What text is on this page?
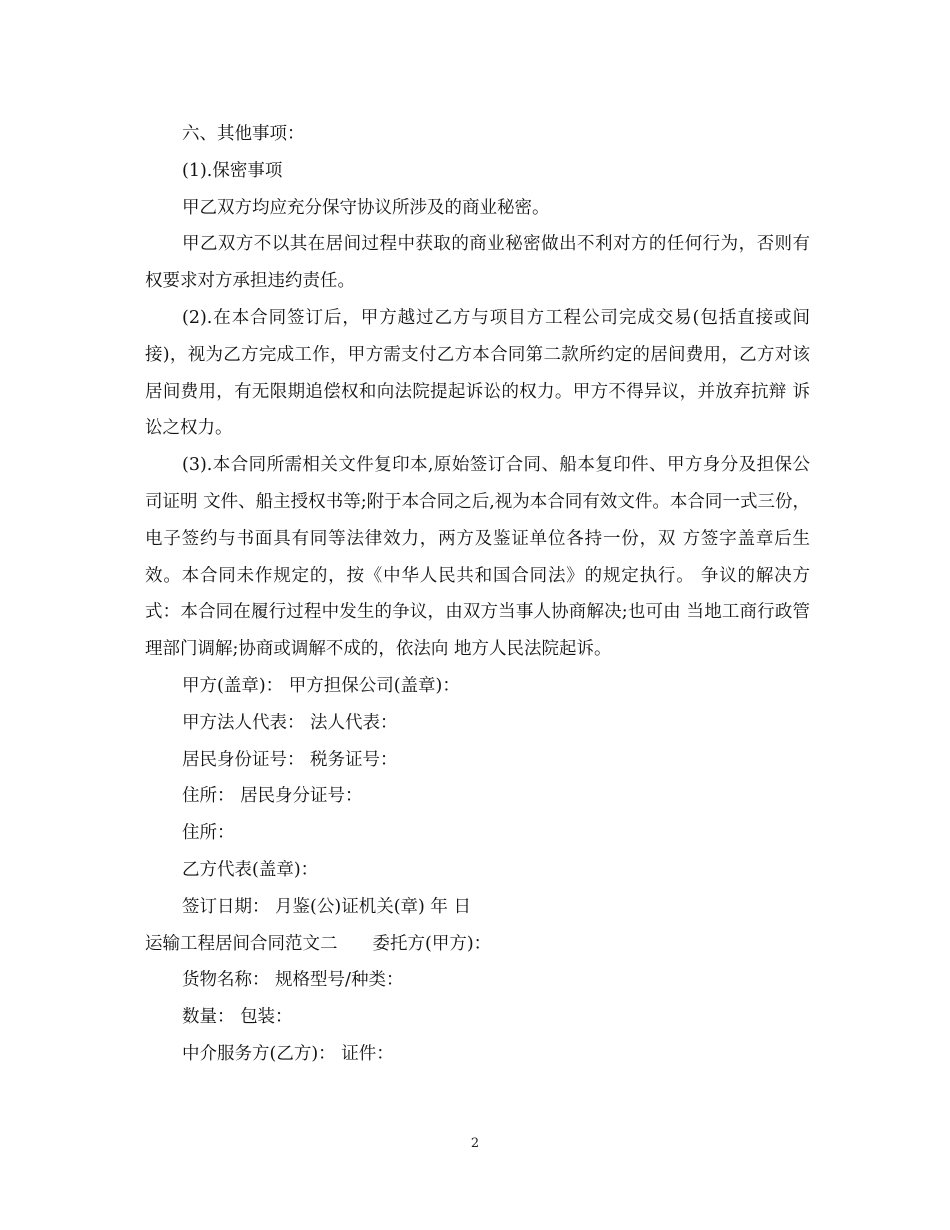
六、其他事项：

(1).保密事项

甲乙双方均应充分保守协议所涉及的商业秘密。

甲乙双方不以其在居间过程中获取的商业秘密做出不利对方的任何行为，否则有权要求对方承担违约责任。

(2).在本合同签订后，甲方越过乙方与项目方工程公司完成交易(包括直接或间接)，视为乙方完成工作，甲方需支付乙方本合同第二款所约定的居间费用，乙方对该居间费用，有无限期追偿权和向法院提起诉讼的权力。甲方不得异议，并放弃抗辩 诉讼之权力。

(3).本合同所需相关文件复印本,原始签订合同、船本复印件、甲方身分及担保公司证明 文件、船主授权书等;附于本合同之后,视为本合同有效文件。本合同一式三份，电子签约与书面具有同等法律效力，两方及鉴证单位各持一份，双 方签字盖章后生效。本合同未作规定的，按《中华人民共和国合同法》的规定执行。 争议的解决方式：本合同在履行过程中发生的争议，由双方当事人协商解决;也可由 当地工商行政管理部门调解;协商或调解不成的，依法向 地方人民法院起诉。

甲方(盖章)： 甲方担保公司(盖章)：

甲方法人代表： 法人代表：

居民身份证号： 税务证号：

住所： 居民身分证号：

住所：

乙方代表(盖章)：

签订日期： 月鉴(公)证机关(章) 年 日

运输工程居间合同范文二 委托方(甲方)：

货物名称： 规格型号/种类：

数量： 包装：

中介服务方(乙方)： 证件：

2
